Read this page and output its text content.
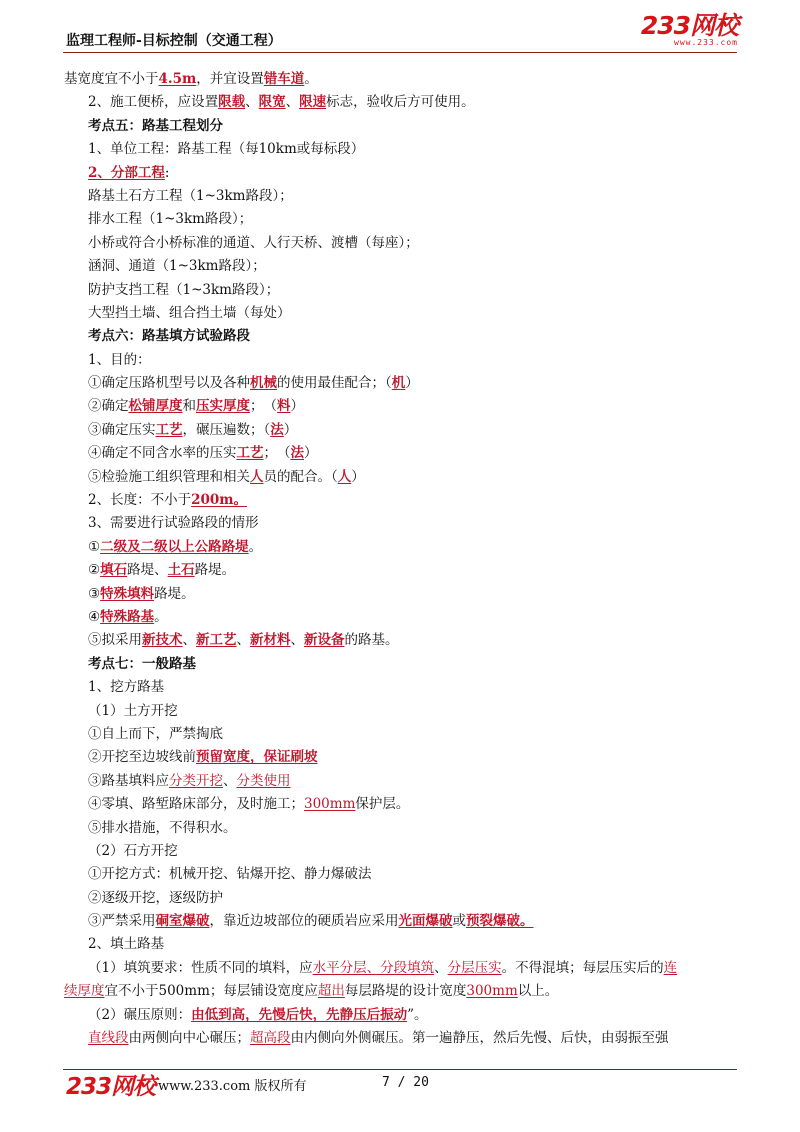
监理工程师-目标控制（交通工程）
233网校
www.233.com
基宽度宜不小于4.5m，并宜设置错车道。
2、施工便桥，应设置限载、限宽、限速标志，验收后方可使用。
考点五：路基工程划分
1、单位工程：路基工程（每10km或每标段）
2、分部工程:
路基土石方工程（1~3km路段）；
排水工程（1~3km路段）；
小桥或符合小桥标准的通道、人行天桥、渡槽（每座）；
涵洞、通道（1~3km路段）；
防护支挡工程（1~3km路段）；
大型挡土墙、组合挡土墙（每处）
考点六：路基填方试验路段
1、目的：
①确定压路机型号以及各种机械的使用最佳配合；（机）
②确定松铺厚度和压实厚度；　（料）
③确定压实工艺，碾压遍数；（法）
④确定不同含水率的压实工艺；　（法）
⑤检验施工组织管理和相关人员的配合。（人）
2、长度：不小于200m。
3、需要进行试验路段的情形
①二级及二级以上公路路堤。
②填石路堤、土石路堤。
③特殊填料路堤。
④特殊路基。
⑤拟采用新技术、新工艺、新材料、新设备的路基。
考点七：一般路基
1、挖方路基
（1）土方开挖
①自上而下，严禁掏底
②开挖至边坡线前预留宽度，保证刷坡
③路基填料应分类开挖、分类使用
④零填、路堑路床部分，及时施工；300mm保护层。
⑤排水措施，不得积水。
（2）石方开挖
①开挖方式：机械开挖、钻爆开挖、静力爆破法
②逐级开挖，逐级防护
③严禁采用硐室爆破，靠近边坡部位的硬质岩应采用光面爆破或预裂爆破。
2、填土路基
（1）填筑要求：性质不同的填料，应水平分层、分段填筑、分层压实。不得混填；每层压实后的连
续厚度宜不小于500mm；每层铺设宽度应超出每层路堤的设计宽度300mm以上。
（2）碾压原则：由低到高，先慢后快，先静压后振动”。
直线段由两侧向中心碾压；超高段由内侧向外侧碾压。第一遍静压，然后先慢、后快，由弱振至强
233网校 www.233.com 版权所有	7 / 20
